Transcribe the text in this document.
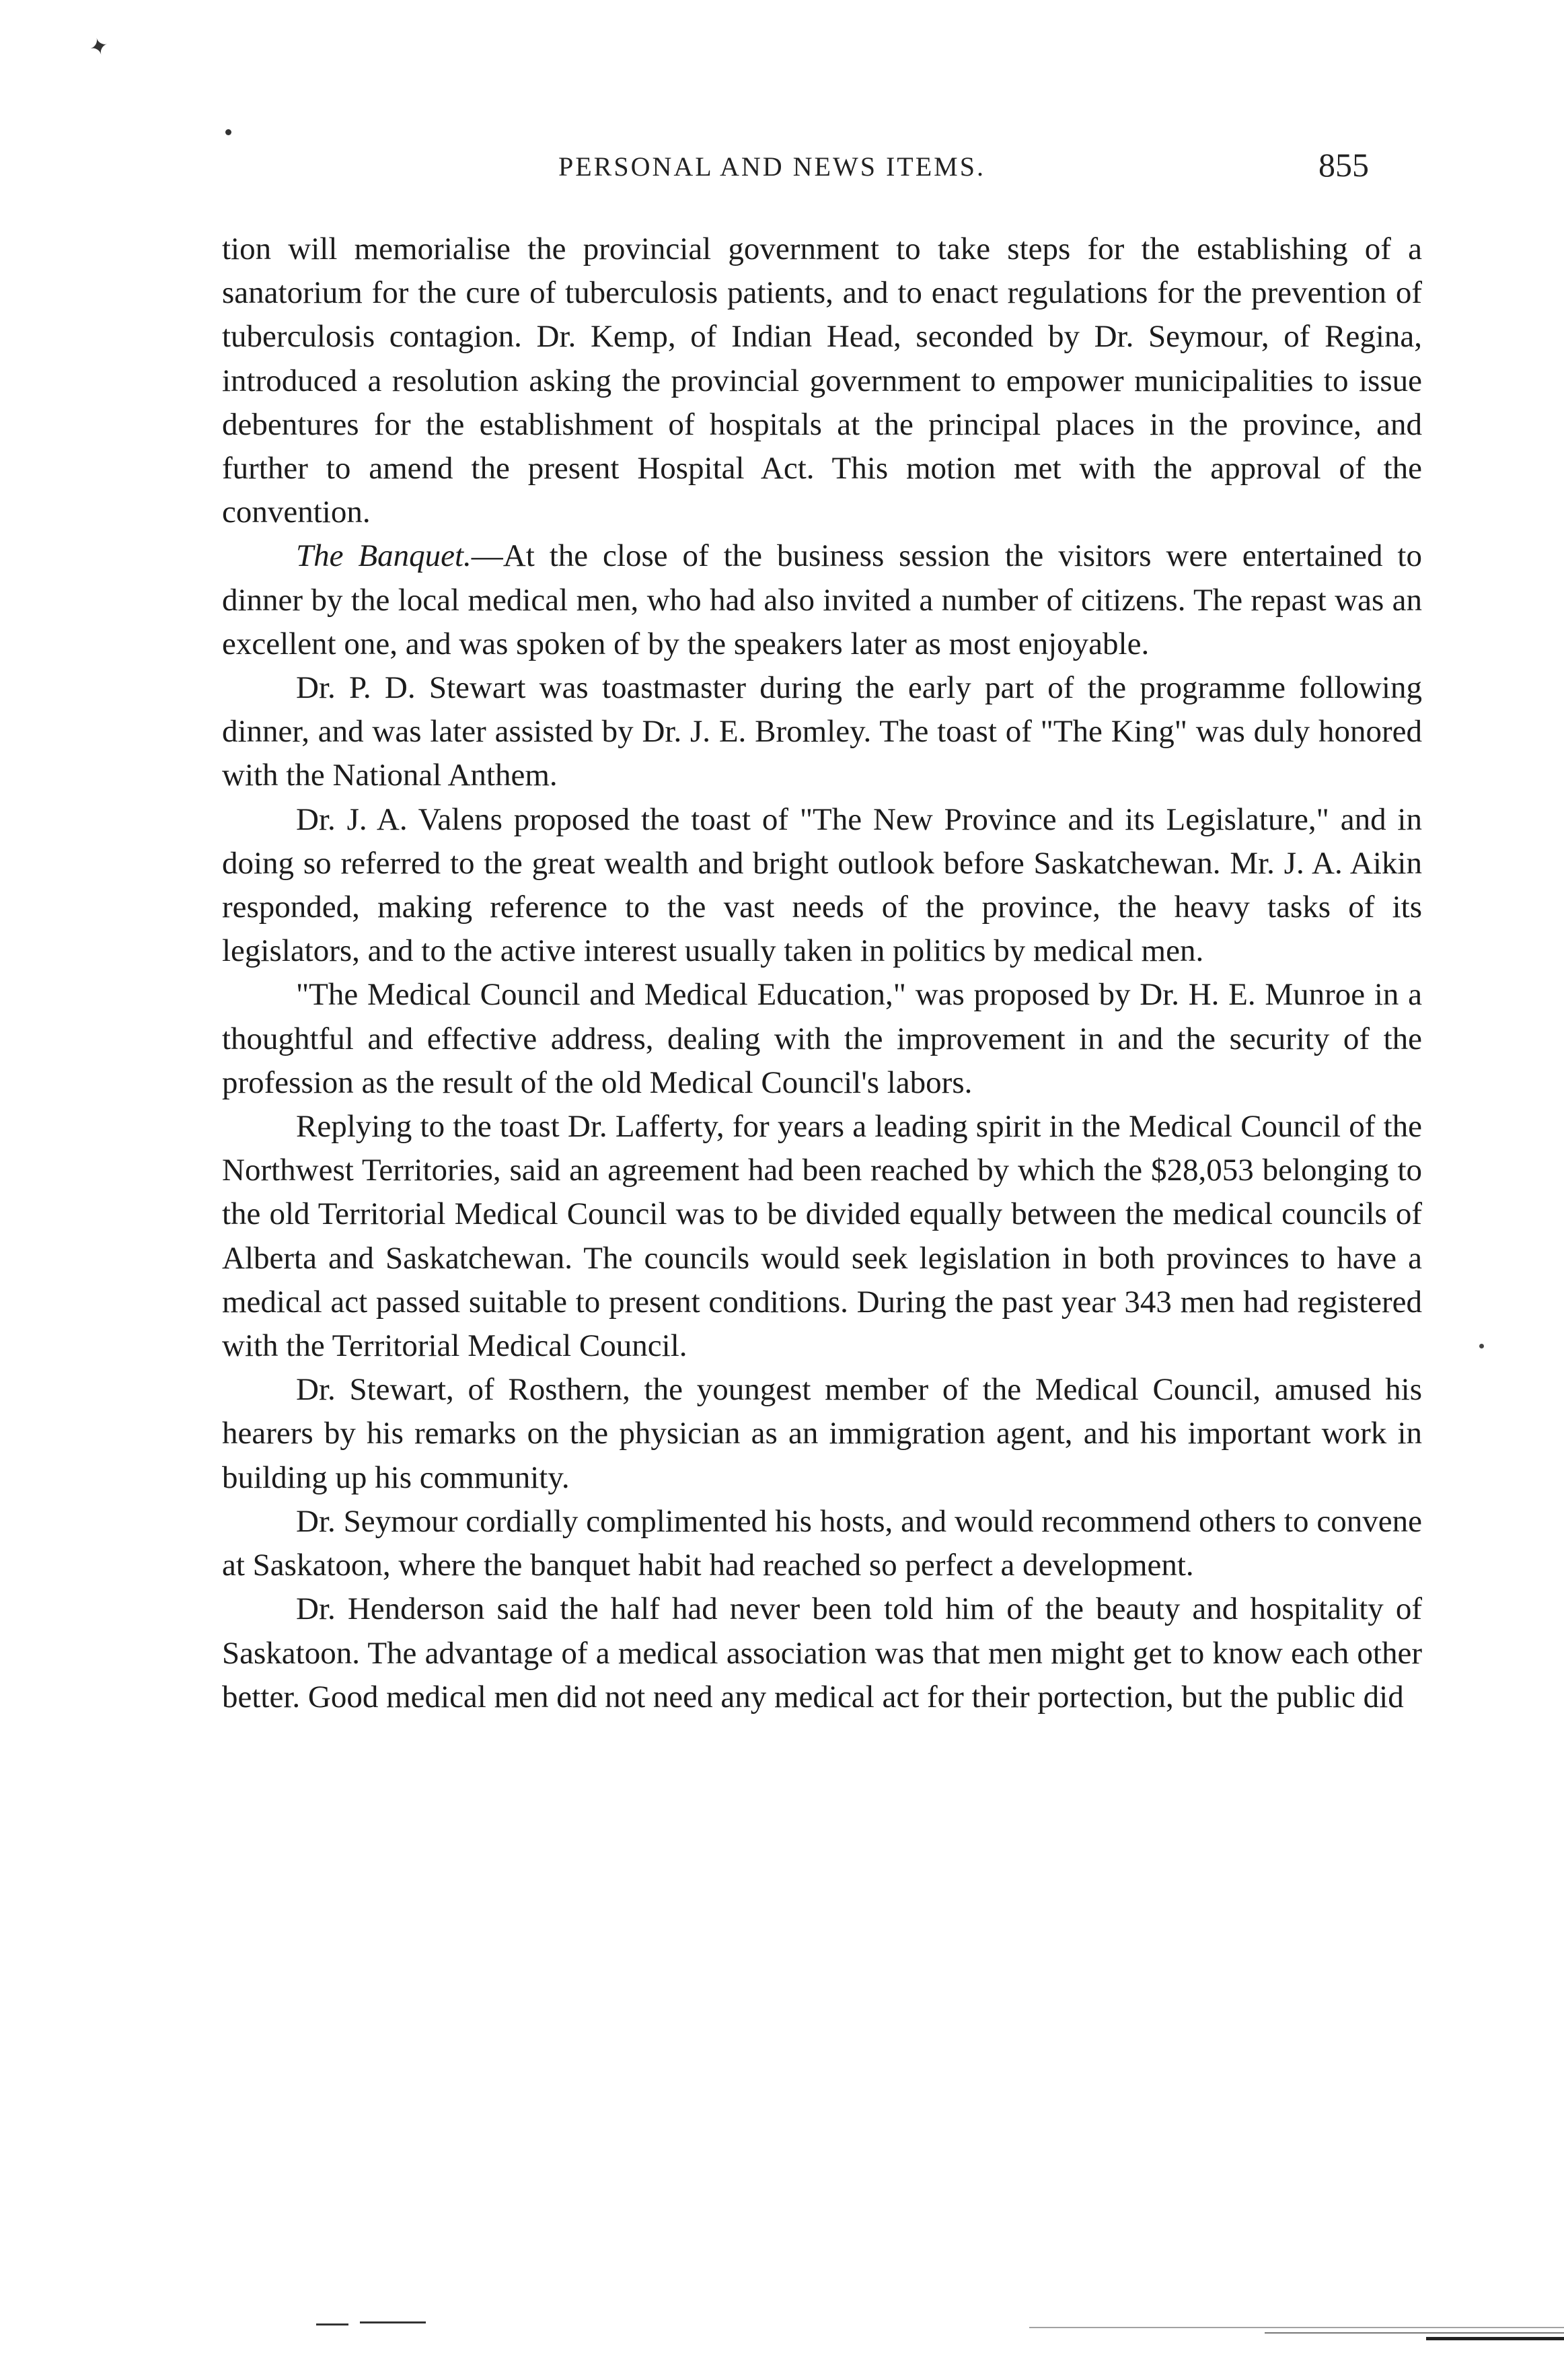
✦
PERSONAL AND NEWS ITEMS.	855

tion will memorialise the provincial government to take steps for the establishing of a sanatorium for the cure of tuberculosis patients, and to enact regulations for the prevention of tuberculosis contagion. Dr. Kemp, of Indian Head, seconded by Dr. Seymour, of Regina, introduced a resolution asking the provincial government to empower municipalities to issue debentures for the establishment of hospitals at the principal places in the province, and further to amend the present Hospital Act. This motion met with the approval of the convention.

The Banquet.—At the close of the business session the visitors were entertained to dinner by the local medical men, who had also invited a number of citizens. The repast was an excellent one, and was spoken of by the speakers later as most enjoyable.

Dr. P. D. Stewart was toastmaster during the early part of the programme following dinner, and was later assisted by Dr. J. E. Bromley. The toast of "The King" was duly honored with the National Anthem.

Dr. J. A. Valens proposed the toast of "The New Province and its Legislature," and in doing so referred to the great wealth and bright outlook before Saskatchewan. Mr. J. A. Aikin responded, making reference to the vast needs of the province, the heavy tasks of its legislators, and to the active interest usually taken in politics by medical men.

"The Medical Council and Medical Education," was proposed by Dr. H. E. Munroe in a thoughtful and effective address, dealing with the improvement in and the security of the profession as the result of the old Medical Council's labors.

Replying to the toast Dr. Lafferty, for years a leading spirit in the Medical Council of the Northwest Territories, said an agreement had been reached by which the $28,053 belonging to the old Territorial Medical Council was to be divided equally between the medical councils of Alberta and Saskatchewan. The councils would seek legislation in both provinces to have a medical act passed suitable to present conditions. During the past year 343 men had registered with the Territorial Medical Council.

Dr. Stewart, of Rosthern, the youngest member of the Medical Council, amused his hearers by his remarks on the physician as an immigration agent, and his important work in building up his community.

Dr. Seymour cordially complimented his hosts, and would recommend others to convene at Saskatoon, where the banquet habit had reached so perfect a development.

Dr. Henderson said the half had never been told him of the beauty and hospitality of Saskatoon. The advantage of a medical association was that men might get to know each other better. Good medical men did not need any medical act for their portection, but the public did
